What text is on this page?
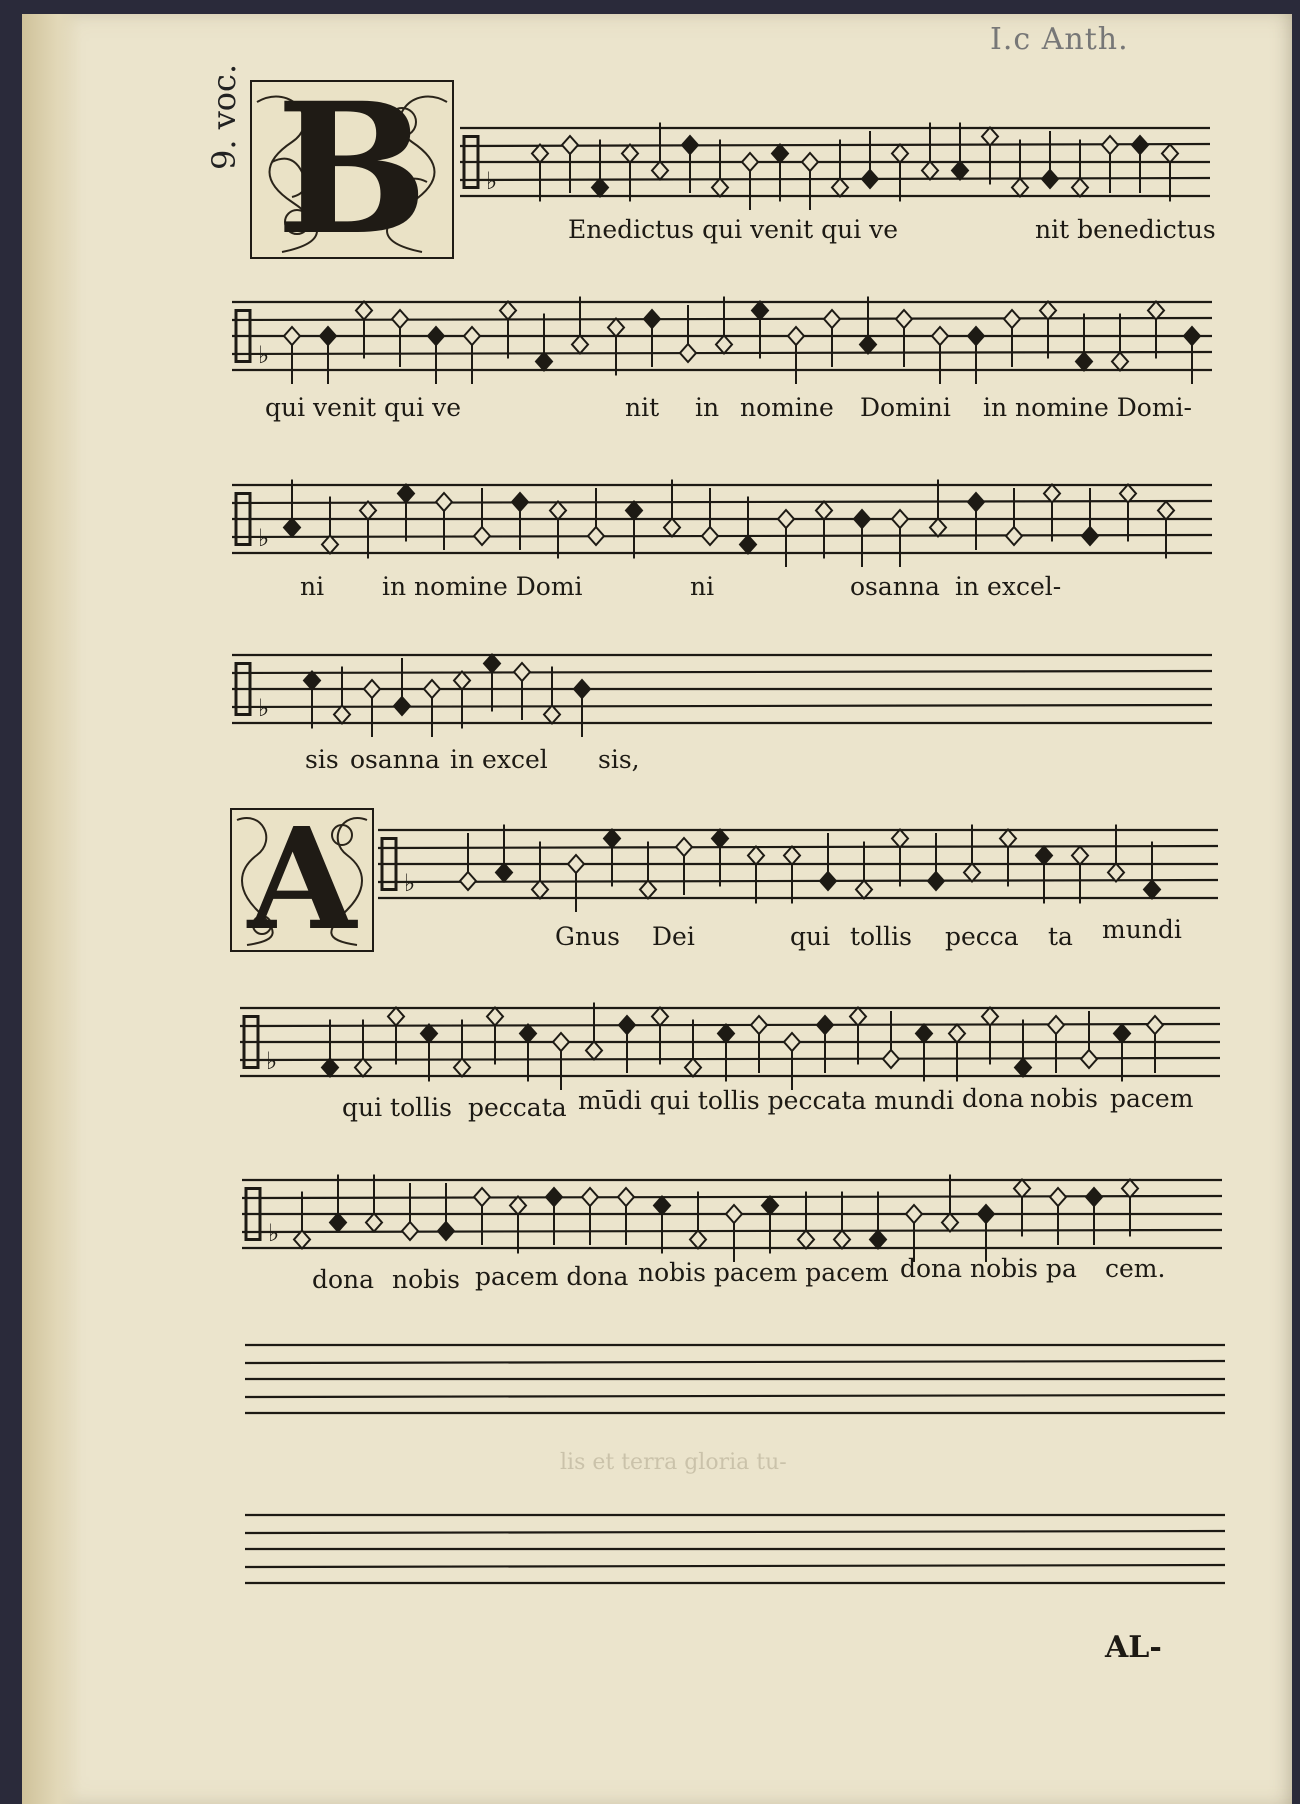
I.c Anth.
9. voc. B
A
♭
♭
♭
♭
♭
♭
♭
Enedictus qui venit qui ve	nit benedictus
qui venit qui ve	nit in nomine Domini in nomine Domi-
ni in nomine Domi	ni	osanna in excel-
sis osanna in excel sis,
Gnus Dei	qui tollis pecca ta mundi
qui tollis peccata mūdi qui tollis peccata mundi dona nobis pacem
dona nobis pacem dona nobis pacem pacem dona nobis pa cem.
lis et terra gloria tu-
AL-
